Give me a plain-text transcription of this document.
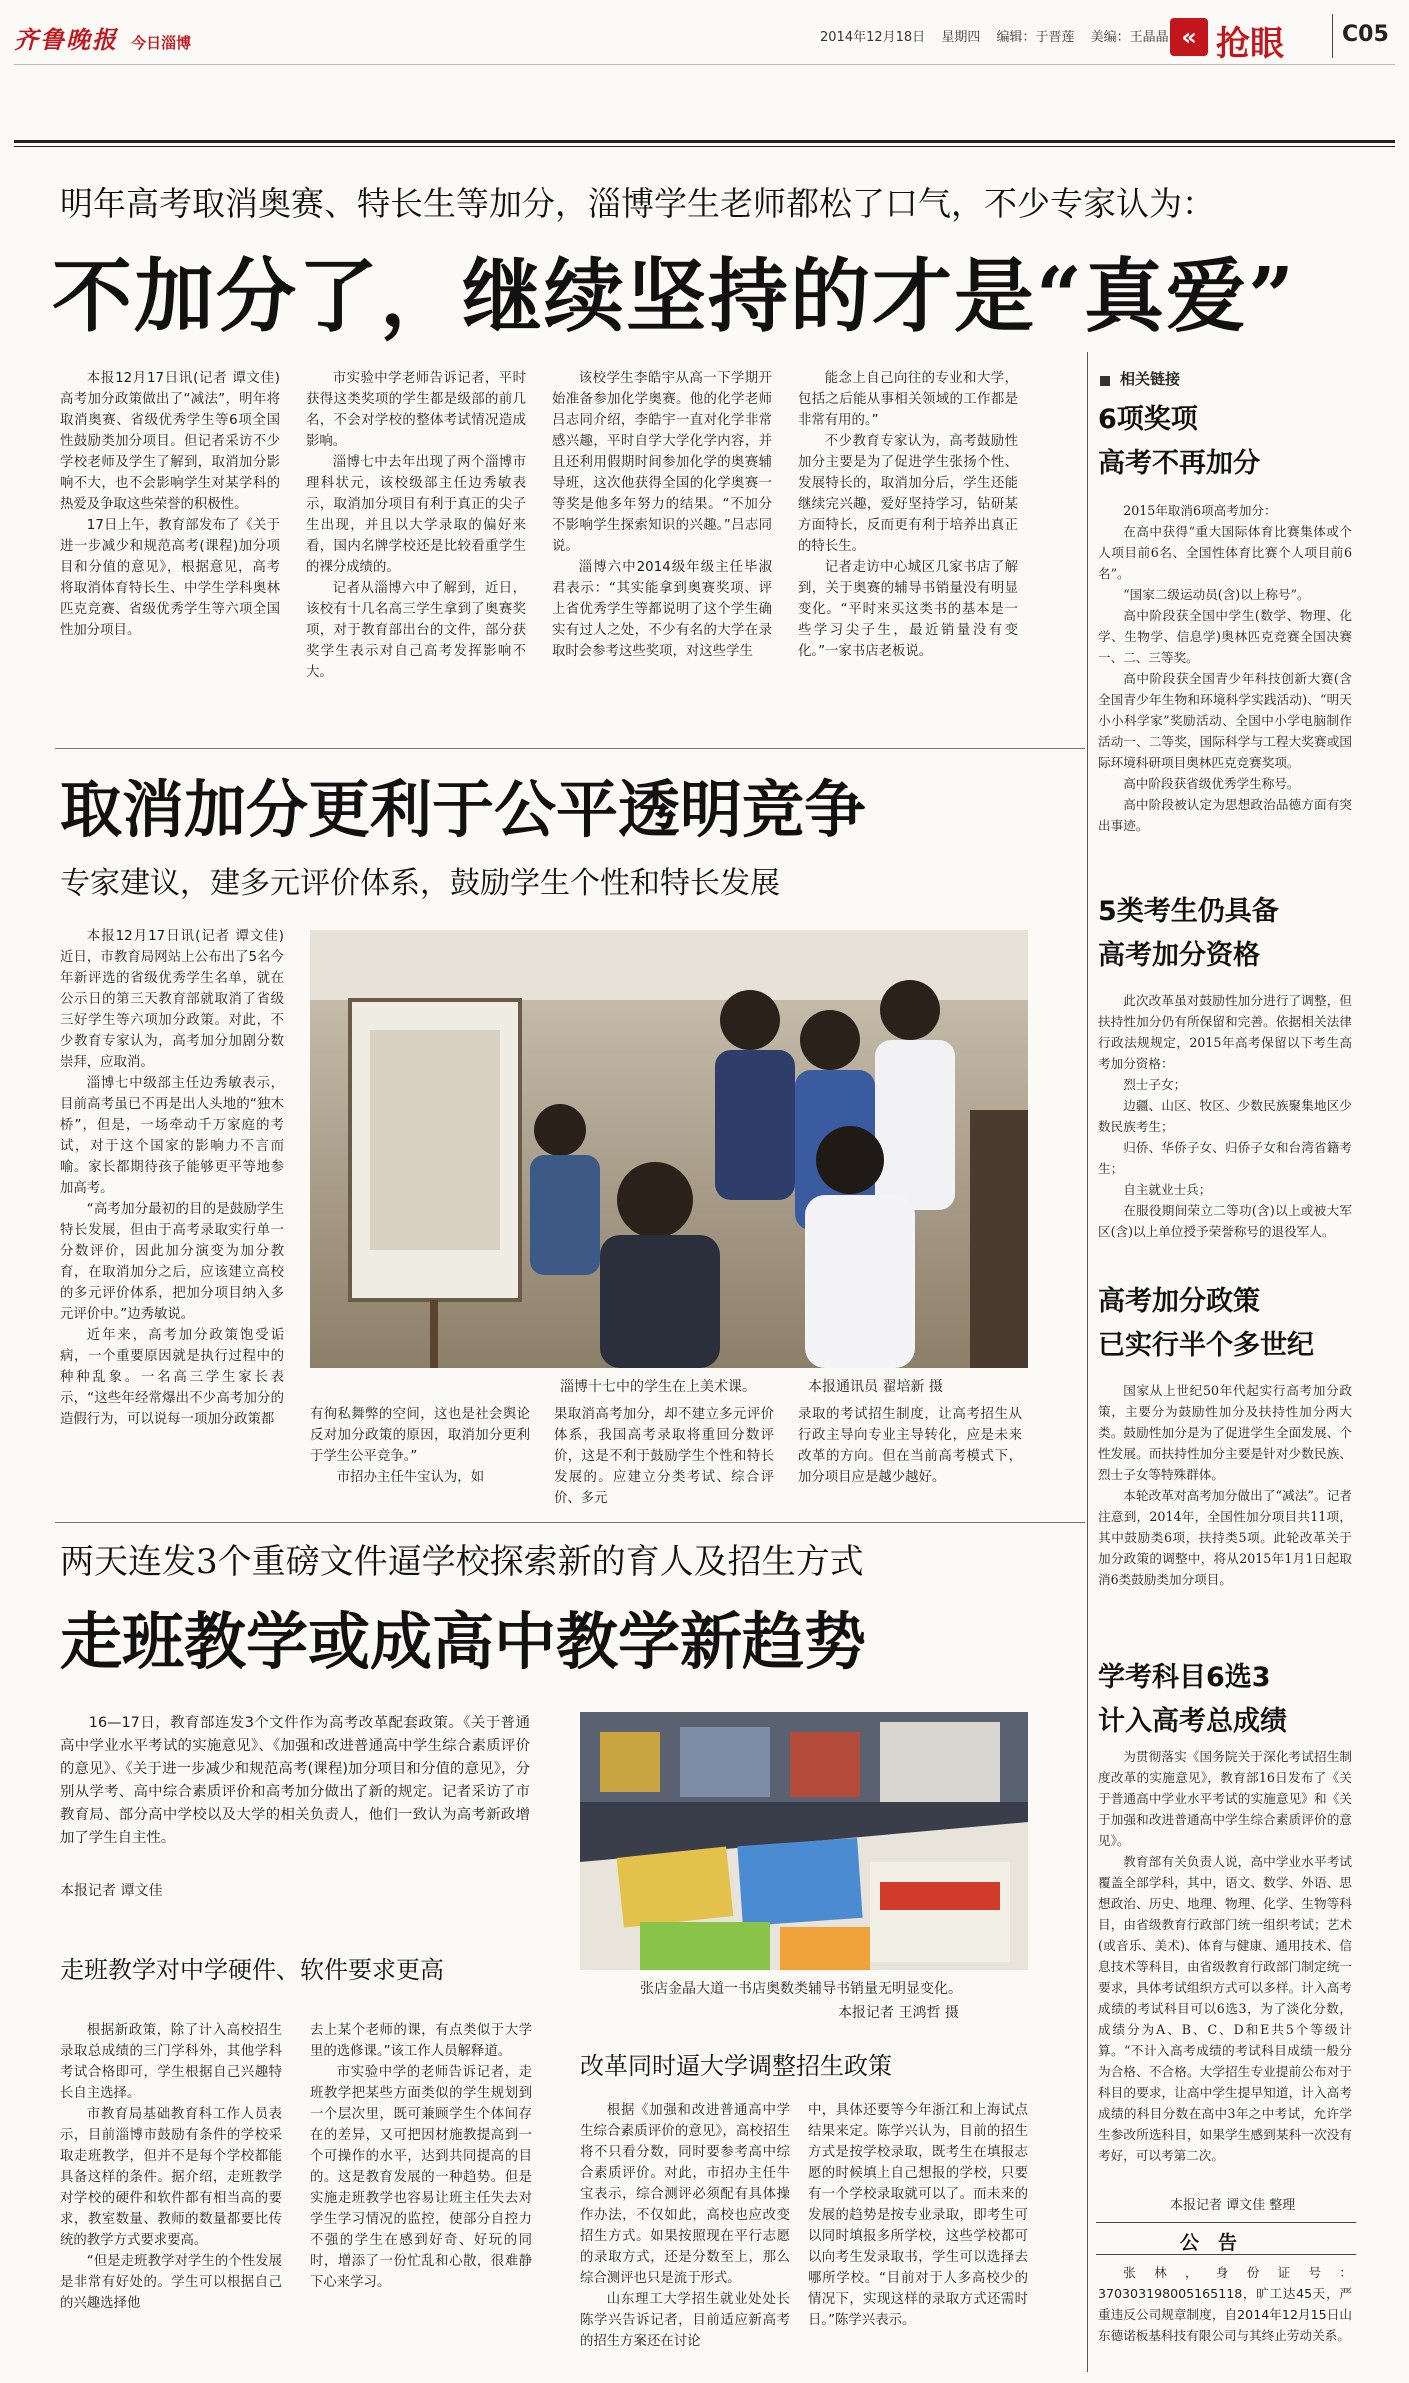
齐鲁晚报 今日淄博	2014年12月18日 星期四 编辑：于晋莲 美编：王晶晶 « 抢眼	C05
明年高考取消奥赛、特长生等加分，淄博学生老师都松了口气，不少专家认为：
不加分了，继续坚持的才是“真爱”

本报12月17日讯(记者 谭文佳) 高考加分政策做出了“减法”，明年将取消奥赛、省级优秀学生等6项全国性鼓励类加分项目。但记者采访不少学校老师及学生了解到，取消加分影响不大，也不会影响学生对某学科的热爱及争取这些荣誉的积极性。

17日上午，教育部发布了《关于进一步减少和规范高考(课程)加分项目和分值的意见》，根据意见，高考将取消体育特长生、中学生学科奥林匹克竞赛、省级优秀学生等六项全国性加分项目。

市实验中学老师告诉记者，平时获得这类奖项的学生都是级部的前几名，不会对学校的整体考试情况造成影响。

淄博七中去年出现了两个淄博市理科状元，该校级部主任边秀敏表示，取消加分项目有利于真正的尖子生出现，并且以大学录取的偏好来看，国内名牌学校还是比较看重学生的裸分成绩的。

记者从淄博六中了解到，近日，该校有十几名高三学生拿到了奥赛奖项，对于教育部出台的文件，部分获奖学生表示对自己高考发挥影响不大。

该校学生李皓宇从高一下学期开始准备参加化学奥赛。他的化学老师吕志同介绍，李皓宇一直对化学非常感兴趣，平时自学大学化学内容，并且还利用假期时间参加化学的奥赛辅导班，这次他获得全国的化学奥赛一等奖是他多年努力的结果。“不加分不影响学生探索知识的兴趣。”吕志同说。

淄博六中2014级年级主任毕淑君表示：“其实能拿到奥赛奖项、评上省优秀学生等都说明了这个学生确实有过人之处，不少有名的大学在录取时会参考这些奖项，对这些学生

能念上自己向往的专业和大学，包括之后能从事相关领域的工作都是非常有用的。”

不少教育专家认为，高考鼓励性加分主要是为了促进学生张扬个性、发展特长的，取消加分后，学生还能继续完兴趣，爱好坚持学习，钻研某方面特长，反而更有利于培养出真正的特长生。

记者走访中心城区几家书店了解到，关于奥赛的辅导书销量没有明显变化。“平时来买这类书的基本是一些学习尖子生，最近销量没有变化。”一家书店老板说。

取消加分更利于公平透明竞争
专家建议，建多元评价体系，鼓励学生个性和特长发展

本报12月17日讯(记者 谭文佳) 近日，市教育局网站上公布出了5名今年新评选的省级优秀学生名单，就在公示日的第三天教育部就取消了省级三好学生等六项加分政策。对此，不少教育专家认为，高考加分加剧分数崇拜，应取消。

淄博七中级部主任边秀敏表示，目前高考虽已不再是出人头地的“独木桥”，但是，一场牵动千万家庭的考试，对于这个国家的影响力不言而喻。家长都期待孩子能够更平等地参加高考。

“高考加分最初的目的是鼓励学生特长发展，但由于高考录取实行单一分数评价，因此加分演变为加分教育，在取消加分之后，应该建立高校的多元评价体系，把加分项目纳入多元评价中。”边秀敏说。

近年来，高考加分政策饱受诟病，一个重要原因就是执行过程中的种种乱象。一名高三学生家长表示，“这些年经常爆出不少高考加分的造假行为，可以说每一项加分政策都

淄博十七中的学生在上美术课。	本报通讯员 翟培新 摄

有徇私舞弊的空间，这也是社会舆论反对加分政策的原因，取消加分更利于学生公平竞争。”

市招办主任牛宝认为，如

果取消高考加分，却不建立多元评价体系，我国高考录取将重回分数评价，这是不利于鼓励学生个性和特长发展的。应建立分类考试、综合评价、多元

录取的考试招生制度，让高考招生从行政主导向专业主导转化，应是未来改革的方向。但在当前高考模式下，加分项目应是越少越好。

两天连发3个重磅文件逼学校探索新的育人及招生方式
走班教学或成高中教学新趋势

16—17日，教育部连发3个文件作为高考改革配套政策。《关于普通高中学业水平考试的实施意见》、《加强和改进普通高中学生综合素质评价的意见》、《关于进一步减少和规范高考(课程)加分项目和分值的意见》，分别从学考、高中综合素质评价和高考加分做出了新的规定。记者采访了市教育局、部分高中学校以及大学的相关负责人，他们一致认为高考新政增加了学生自主性。

本报记者 谭文佳
走班教学对中学硬件、软件要求更高
张店金晶大道一书店奥数类辅导书销量无明显变化。
本报记者 王鸿哲 摄
改革同时逼大学调整招生政策

根据新政策，除了计入高校招生录取总成绩的三门学科外，其他学科考试合格即可，学生根据自己兴趣特长自主选择。

市教育局基础教育科工作人员表示，目前淄博市鼓励有条件的学校采取走班教学，但并不是每个学校都能具备这样的条件。据介绍，走班教学对学校的硬件和软件都有相当高的要求，教室数量、教师的数量都要比传统的教学方式要求要高。

“但是走班教学对学生的个性发展是非常有好处的。学生可以根据自己的兴趣选择他

去上某个老师的课，有点类似于大学里的选修课。”该工作人员解释道。

市实验中学的老师告诉记者，走班教学把某些方面类似的学生规划到一个层次里，既可兼顾学生个体间存在的差异，又可把因材施教提高到一个可操作的水平，达到共同提高的目的。这是教育发展的一种趋势。但是实施走班教学也容易让班主任失去对学生学习情况的监控，使部分自控力不强的学生在感到好奇、好玩的同时，增添了一份忙乱和心散，很难静下心来学习。

根据《加强和改进普通高中学生综合素质评价的意见》，高校招生将不只看分数，同时要参考高中综合素质评价。对此，市招办主任牛宝表示，综合测评必须配有具体操作办法，不仅如此，高校也应改变招生方式。如果按照现在平行志愿的录取方式，还是分数至上，那么综合测评也只是流于形式。

山东理工大学招生就业处处长陈学兴告诉记者，目前适应新高考的招生方案还在讨论

中，具体还要等今年浙江和上海试点结果来定。陈学兴认为，目前的招生方式是按学校录取，既考生在填报志愿的时候填上自己想报的学校，只要有一个学校录取就可以了。而未来的发展的趋势是按专业录取，即考生可以同时填报多所学校，这些学校都可以向考生发录取书，学生可以选择去哪所学校。“目前对于人多高校少的情况下，实现这样的录取方式还需时日。”陈学兴表示。

相关链接
6项奖项
高考不再加分

2015年取消6项高考加分：

在高中获得“重大国际体育比赛集体或个人项目前6名、全国性体育比赛个人项目前6名”。

“国家二级运动员(含)以上称号”。

高中阶段获全国中学生(数学、物理、化学、生物学、信息学)奥林匹克竞赛全国决赛一、二、三等奖。

高中阶段获全国青少年科技创新大赛(含全国青少年生物和环境科学实践活动)、“明天小小科学家”奖励活动、全国中小学电脑制作活动一、二等奖，国际科学与工程大奖赛或国际环境科研项目奥林匹克竞赛奖项。

高中阶段获省级优秀学生称号。

高中阶段被认定为思想政治品德方面有突出事迹。

5类考生仍具备
高考加分资格

此次改革虽对鼓励性加分进行了调整，但扶持性加分仍有所保留和完善。依据相关法律行政法规规定，2015年高考保留以下考生高考加分资格：

烈士子女；

边疆、山区、牧区、少数民族聚集地区少数民族考生；

归侨、华侨子女、归侨子女和台湾省籍考生；

自主就业士兵；

在服役期间荣立二等功(含)以上或被大军区(含)以上单位授予荣誉称号的退役军人。

高考加分政策
已实行半个多世纪

国家从上世纪50年代起实行高考加分政策，主要分为鼓励性加分及扶持性加分两大类。鼓励性加分是为了促进学生全面发展、个性发展。而扶持性加分主要是针对少数民族、烈士子女等特殊群体。

本轮改革对高考加分做出了“减法”。记者注意到，2014年，全国性加分项目共11项，其中鼓励类6项，扶持类5项。此轮改革关于加分政策的调整中，将从2015年1月1日起取消6类鼓励类加分项目。

学考科目6选3
计入高考总成绩

为贯彻落实《国务院关于深化考试招生制度改革的实施意见》，教育部16日发布了《关于普通高中学业水平考试的实施意见》和《关于加强和改进普通高中学生综合素质评价的意见》。

教育部有关负责人说，高中学业水平考试覆盖全部学科，其中，语文、数学、外语、思想政治、历史、地理、物理、化学、生物等科目，由省级教育行政部门统一组织考试；艺术(或音乐、美术)、体育与健康、通用技术、信息技术等科目，由省级教育行政部门制定统一要求，具体考试组织方式可以多样。计入高考成绩的考试科目可以6选3，为了淡化分数，成绩分为A、B、C、D和E共5个等级计算。“不计入高考成绩的考试科目成绩一般分为合格、不合格。大学招生专业提前公布对于科目的要求，让高中学生提早知道，计入高考成绩的科目分数在高中3年之中考试，允许学生参改所选科目，如果学生感到某科一次没有考好，可以考第二次。

本报记者 谭文佳 整理
公　告

张林，身份证号：370303198005165118，旷工达45天，严重违反公司规章制度，自2014年12月15日山东德诺板基科技有限公司与其终止劳动关系。
